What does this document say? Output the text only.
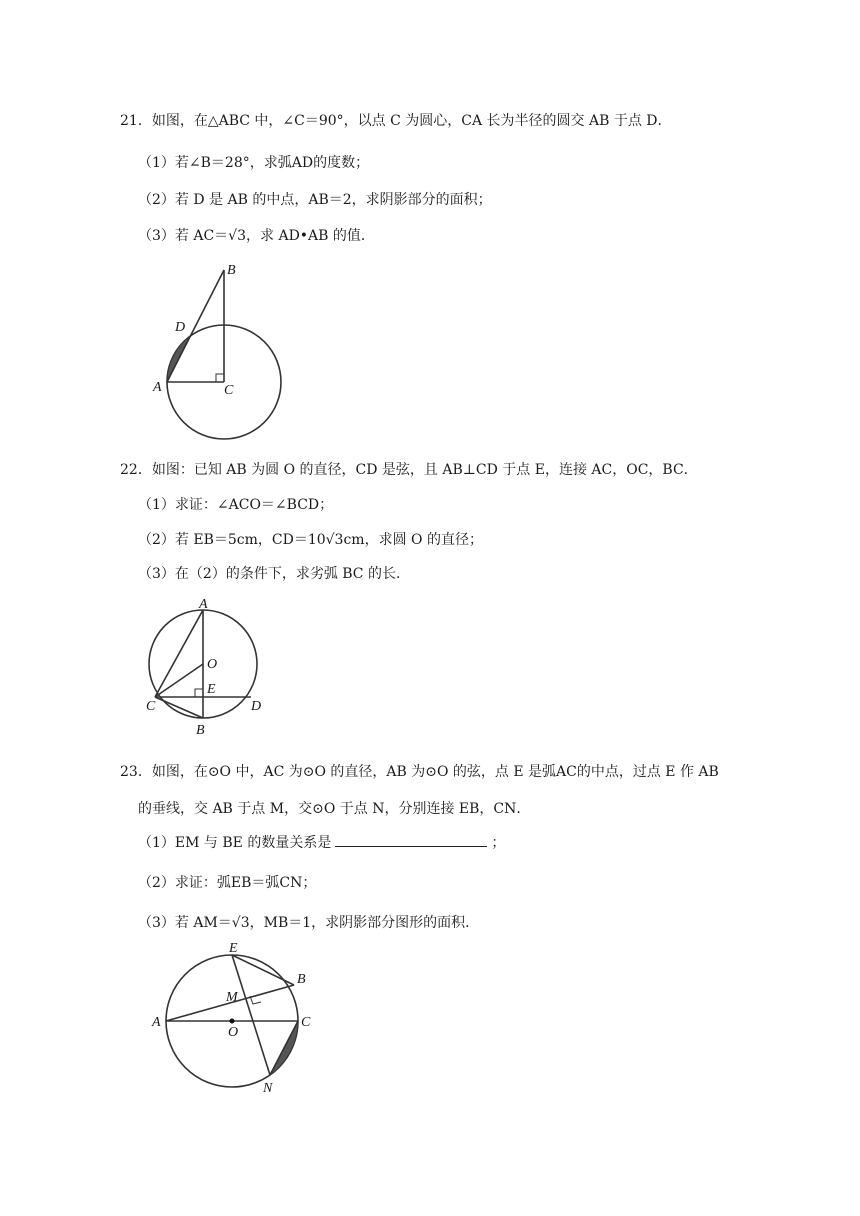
21．如图，在△ABC 中，∠C＝90°，以点 C 为圆心，CA 长为半径的圆交 AB 于点 D．
（1）若∠B＝28°，求弧AD的度数；
（2）若 D 是 AB 的中点，AB＝2，求阴影部分的面积；
（3）若 AC＝√3，求 AD•AB 的值．
B
D
A	C
22．如图：已知 AB 为圆 O 的直径，CD 是弦，且 AB⊥CD 于点 E，连接 AC，OC，BC．
（1）求证：∠ACO＝∠BCD；
（2）若 EB＝5cm，CD＝10√3cm，求圆 O 的直径；
（3）在（2）的条件下，求劣弧 BC 的长．
A
O
E
C	D
B
23．如图，在⊙O 中，AC 为⊙O 的直径，AB 为⊙O 的弦，点 E 是弧AC的中点，过点 E 作 AB
的垂线，交 AB 于点 M，交⊙O 于点 N，分别连接 EB，CN．
（1）EM 与 BE 的数量关系是	；
（2）求证：弧EB＝弧CN；
（3）若 AM＝√3，MB＝1，求阴影部分图形的面积．
E
B
M
A
O
C
N
